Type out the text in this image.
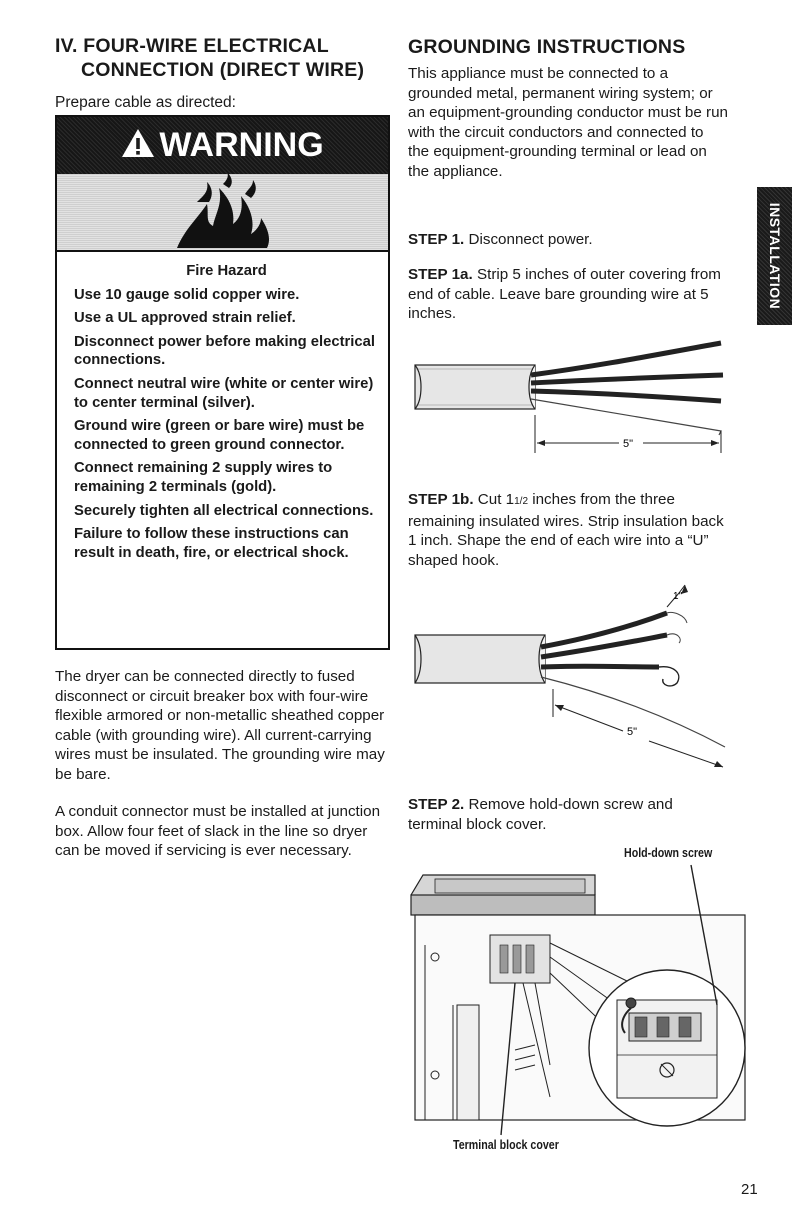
IV. FOUR-WIRE ELECTRICAL
CONNECTION (DIRECT WIRE)
Prepare cable as directed:
WARNING
Fire Hazard
Use 10 gauge solid copper wire.
Use a UL approved strain relief.
Disconnect power before making electrical connections.
Connect neutral wire (white or center wire) to center terminal (silver).
Ground wire (green or bare wire) must be connected to green ground connector.
Connect remaining 2 supply wires to remaining 2 terminals (gold).
Securely tighten all electrical connections.
Failure to follow these instructions can result in death, fire, or electrical shock.

The dryer can be connected directly to fused disconnect or circuit breaker box with four-wire flexible armored or non-metallic sheathed copper cable (with grounding wire). All current-carrying wires must be insulated. The grounding wire may be bare.

A conduit connector must be installed at junction box. Allow four feet of slack in the line so dryer can be moved if servicing is ever necessary.

GROUNDING INSTRUCTIONS
This appliance must be connected to a grounded metal, permanent wiring system; or an equipment-grounding conductor must be run with the circuit conductors and connected to the equipment-grounding terminal or lead on the appliance.
STEP 1. Disconnect power.
STEP 1a. Strip 5 inches of outer covering from end of cable. Leave bare grounding wire at 5 inches.
5"
STEP 1b. Cut 11/2 inches from the three remaining insulated wires. Strip insulation back 1 inch. Shape the end of each wire into a “U” shaped hook.
5"
1"
STEP 2. Remove hold-down screw and terminal block cover.
Hold-down screw
Terminal block cover
INSTALLATION
21
